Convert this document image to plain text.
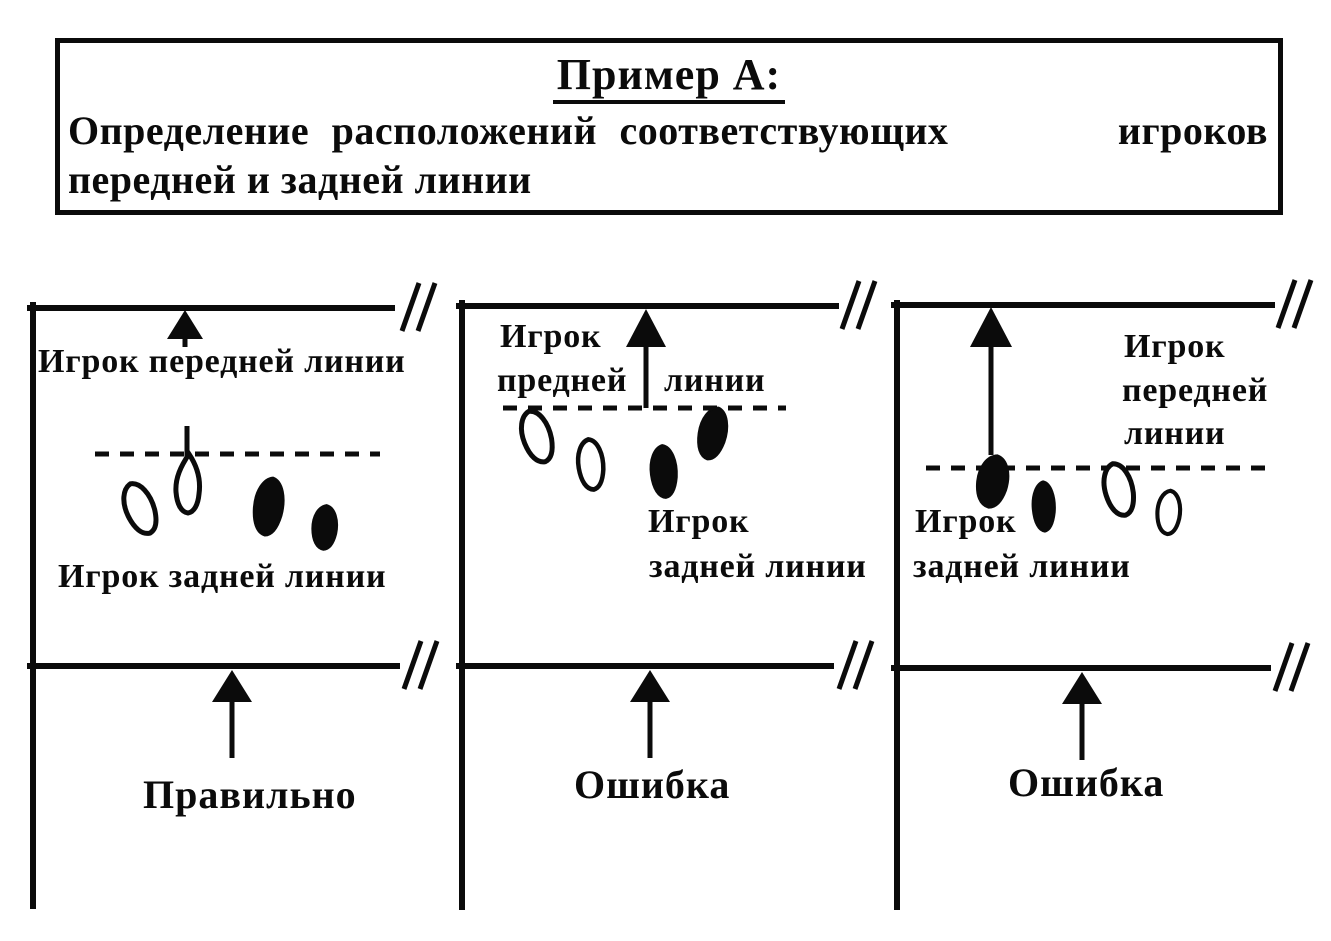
Пример А:
Определение расположений соответствующих	игроков
передней и задней линии
Игрок передней линии
Игрок задней линии
Правильно
Игрок
предней линии
Игрок
задней линии
Ошибка
Игрок
передней
линии
Игрок
задней линии
Ошибка
